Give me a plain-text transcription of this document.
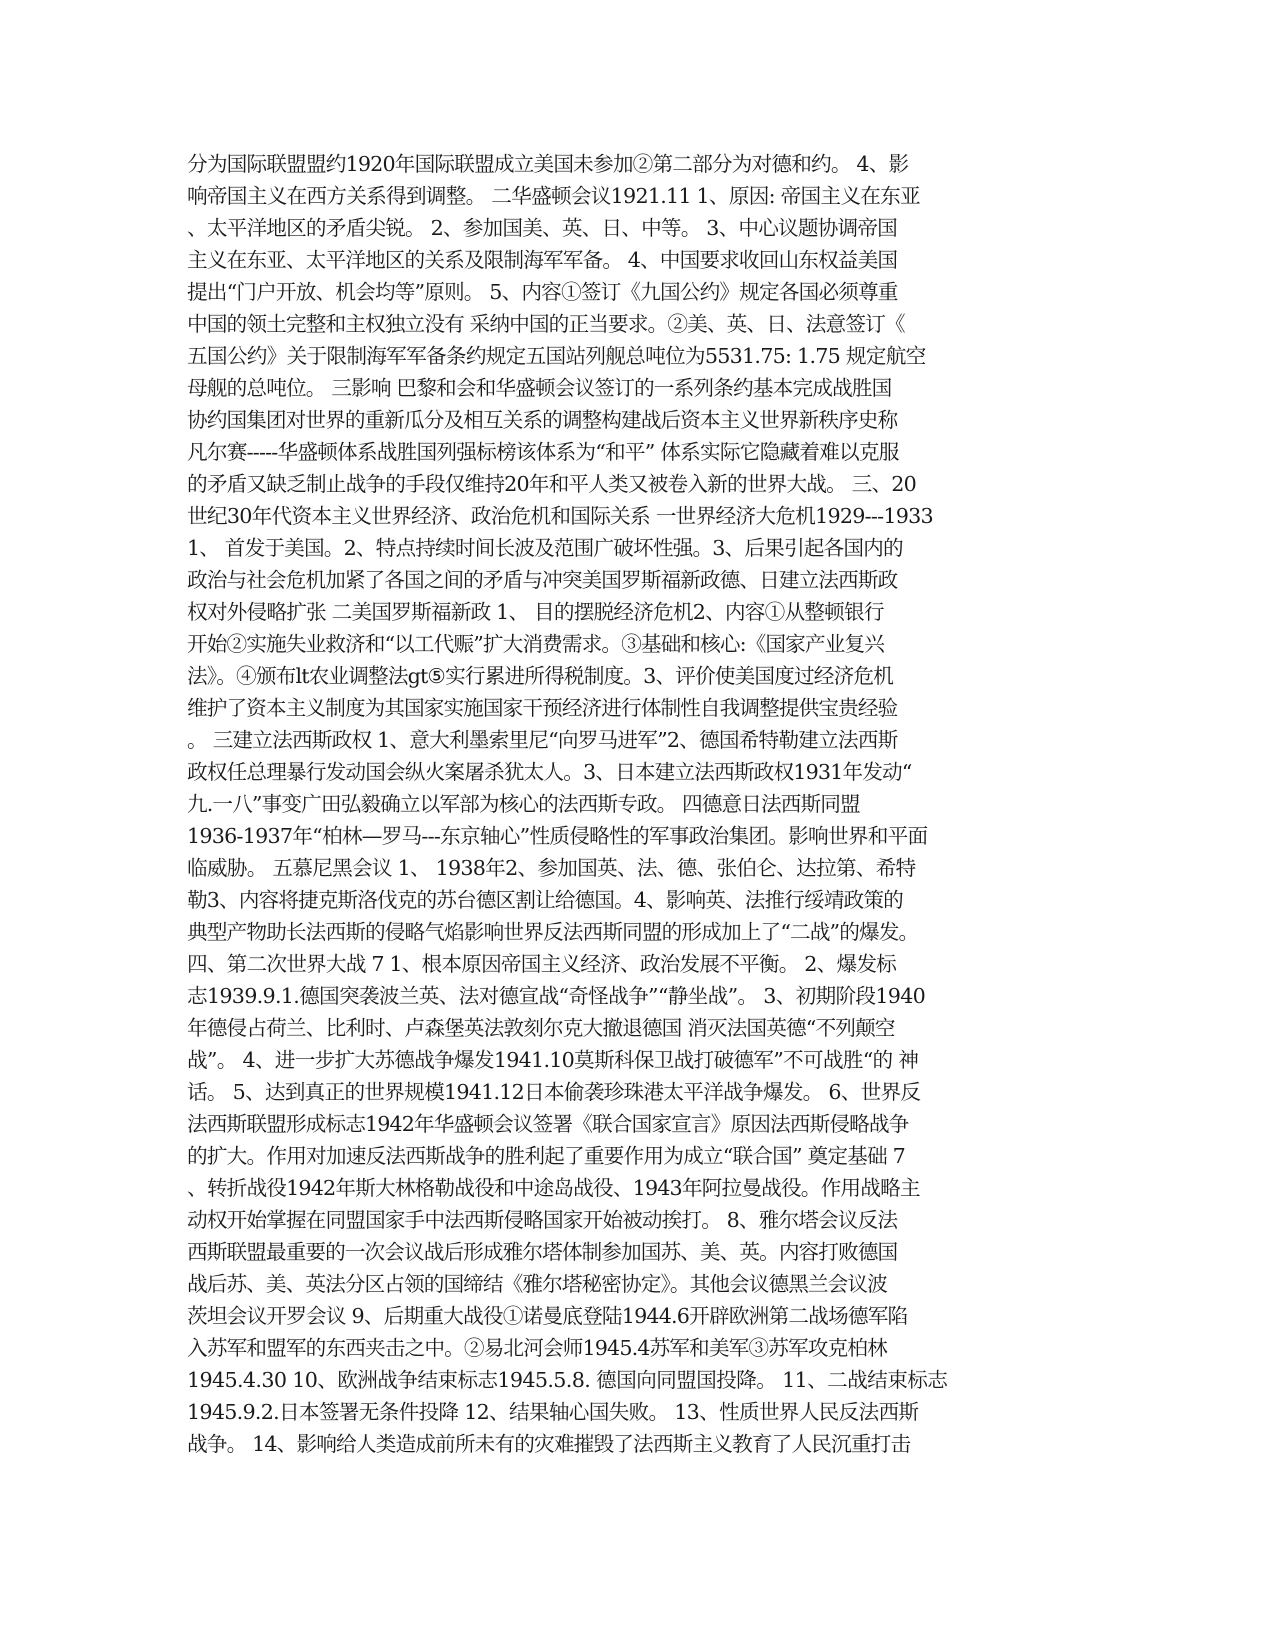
分为国际联盟盟约1920年国际联盟成立美国未参加②第二部分为对德和约。 4、影
响帝国主义在西方关系得到调整。 二华盛顿会议1921.11 1、原因: 帝国主义在东亚
、太平洋地区的矛盾尖锐。 2、参加国美、英、日、中等。 3、中心议题协调帝国
主义在东亚、太平洋地区的关系及限制海军军备。 4、中国要求收回山东权益美国
提出“门户开放、机会均等”原则。 5、内容①签订《九国公约》规定各国必须尊重
中国的领土完整和主权独立没有 采纳中国的正当要求。②美、英、日、法意签订《
五国公约》关于限制海军军备条约规定五国站列舰总吨位为5531.75: 1.75 规定航空
母舰的总吨位。 三影响 巴黎和会和华盛顿会议签订的一系列条约基本完成战胜国
协约国集团对世界的重新瓜分及相互关系的调整构建战后资本主义世界新秩序史称
凡尔赛-----华盛顿体系战胜国列强标榜该体系为“和平” 体系实际它隐藏着难以克服
的矛盾又缺乏制止战争的手段仅维持20年和平人类又被卷入新的世界大战。 三、20
世纪30年代资本主义世界经济、政治危机和国际关系 一世界经济大危机1929---1933
1、 首发于美国。2、特点持续时间长波及范围广破坏性强。3、后果引起各国内的
政治与社会危机加紧了各国之间的矛盾与冲突美国罗斯福新政德、日建立法西斯政
权对外侵略扩张 二美国罗斯福新政 1、 目的摆脱经济危机2、内容①从整顿银行
开始②实施失业救济和“以工代赈”扩大消费需求。③基础和核心:《国家产业复兴
法》。④颁布lt农业调整法gt⑤实行累进所得税制度。3、评价使美国度过经济危机
维护了资本主义制度为其国家实施国家干预经济进行体制性自我调整提供宝贵经验
。 三建立法西斯政权 1、意大利墨索里尼“向罗马进军”2、德国希特勒建立法西斯
政权任总理暴行发动国会纵火案屠杀犹太人。3、日本建立法西斯政权1931年发动“
九.一八”事变广田弘毅确立以军部为核心的法西斯专政。 四德意日法西斯同盟
1936-1937年“柏林—罗马---东京轴心”性质侵略性的军事政治集团。影响世界和平面
临威胁。 五慕尼黑会议 1、 1938年2、参加国英、法、德、张伯仑、达拉第、希特
勒3、内容将捷克斯洛伐克的苏台德区割让给德国。4、影响英、法推行绥靖政策的
典型产物助长法西斯的侵略气焰影响世界反法西斯同盟的形成加上了“二战”的爆发。
四、第二次世界大战 7 1、根本原因帝国主义经济、政治发展不平衡。 2、爆发标
志1939.9.1.德国突袭波兰英、法对德宣战“奇怪战争”“静坐战”。 3、初期阶段1940
年德侵占荷兰、比利时、卢森堡英法敦刻尔克大撤退德国 消灭法国英德“不列颠空
战”。 4、进一步扩大苏德战争爆发1941.10莫斯科保卫战打破德军”不可战胜“的 神
话。 5、达到真正的世界规模1941.12日本偷袭珍珠港太平洋战争爆发。 6、世界反
法西斯联盟形成标志1942年华盛顿会议签署《联合国家宣言》原因法西斯侵略战争
的扩大。作用对加速反法西斯战争的胜利起了重要作用为成立“联合国” 奠定基础 7
、转折战役1942年斯大林格勒战役和中途岛战役、1943年阿拉曼战役。作用战略主
动权开始掌握在同盟国家手中法西斯侵略国家开始被动挨打。 8、雅尔塔会议反法
西斯联盟最重要的一次会议战后形成雅尔塔体制参加国苏、美、英。内容打败德国
战后苏、美、英法分区占领的国缔结《雅尔塔秘密协定》。其他会议德黑兰会议波
茨坦会议开罗会议 9、后期重大战役①诺曼底登陆1944.6开辟欧洲第二战场德军陷
入苏军和盟军的东西夹击之中。②易北河会师1945.4苏军和美军③苏军攻克柏林
1945.4.30 10、欧洲战争结束标志1945.5.8. 德国向同盟国投降。 11、二战结束标志
1945.9.2.日本签署无条件投降 12、结果轴心国失败。 13、性质世界人民反法西斯
战争。 14、影响给人类造成前所未有的灾难摧毁了法西斯主义教育了人民沉重打击
